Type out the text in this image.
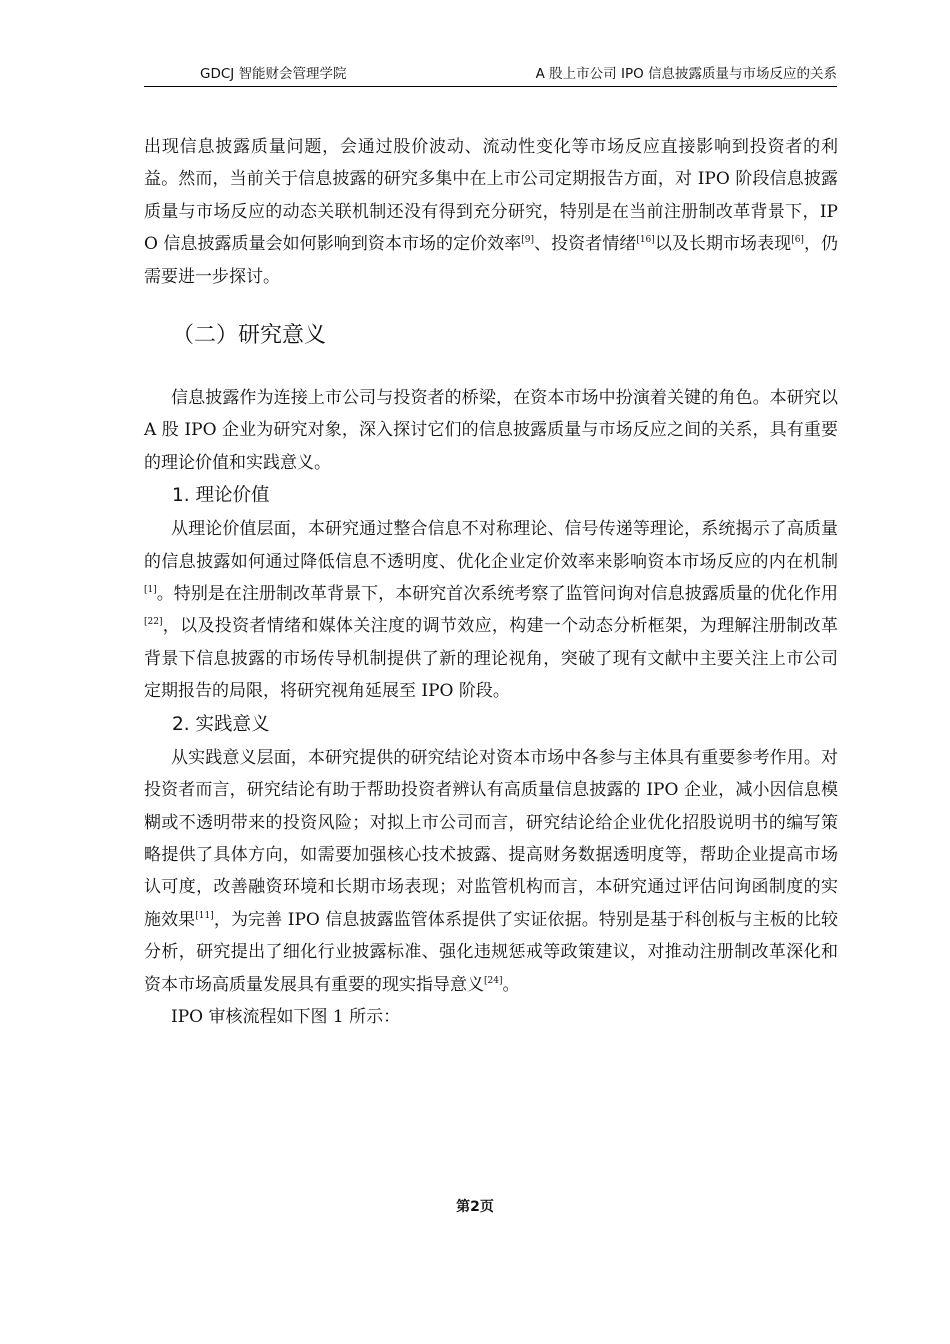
GDCJ 智能财会管理学院	A 股上市公司 IPO 信息披露质量与市场反应的关系

出现信息披露质量问题，会通过股价波动、流动性变化等市场反应直接影响到投资者的利益。然而，当前关于信息披露的研究多集中在上市公司定期报告方面，对 IPO 阶段信息披露质量与市场反应的动态关联机制还没有得到充分研究，特别是在当前注册制改革背景下，IPO 信息披露质量会如何影响到资本市场的定价效率[9]、投资者情绪[16]以及长期市场表现[6]，仍需要进一步探讨。

（二）研究意义

信息披露作为连接上市公司与投资者的桥梁，在资本市场中扮演着关键的角色。本研究以 A 股 IPO 企业为研究对象，深入探讨它们的信息披露质量与市场反应之间的关系，具有重要的理论价值和实践意义。

1. 理论价值

从理论价值层面，本研究通过整合信息不对称理论、信号传递等理论，系统揭示了高质量的信息披露如何通过降低信息不透明度、优化企业定价效率来影响资本市场反应的内在机制[1]。特别是在注册制改革背景下，本研究首次系统考察了监管问询对信息披露质量的优化作用[22]，以及投资者情绪和媒体关注度的调节效应，构建一个动态分析框架，为理解注册制改革背景下信息披露的市场传导机制提供了新的理论视角，突破了现有文献中主要关注上市公司定期报告的局限，将研究视角延展至 IPO 阶段。

2. 实践意义

从实践意义层面，本研究提供的研究结论对资本市场中各参与主体具有重要参考作用。对投资者而言，研究结论有助于帮助投资者辨认有高质量信息披露的 IPO 企业，减小因信息模糊或不透明带来的投资风险；对拟上市公司而言，研究结论给企业优化招股说明书的编写策略提供了具体方向，如需要加强核心技术披露、提高财务数据透明度等，帮助企业提高市场认可度，改善融资环境和长期市场表现；对监管机构而言，本研究通过评估问询函制度的实施效果[11]，为完善 IPO 信息披露监管体系提供了实证依据。特别是基于科创板与主板的比较分析，研究提出了细化行业披露标准、强化违规惩戒等政策建议，对推动注册制改革深化和资本市场高质量发展具有重要的现实指导意义[24]。

IPO 审核流程如下图 1 所示：

第2页
